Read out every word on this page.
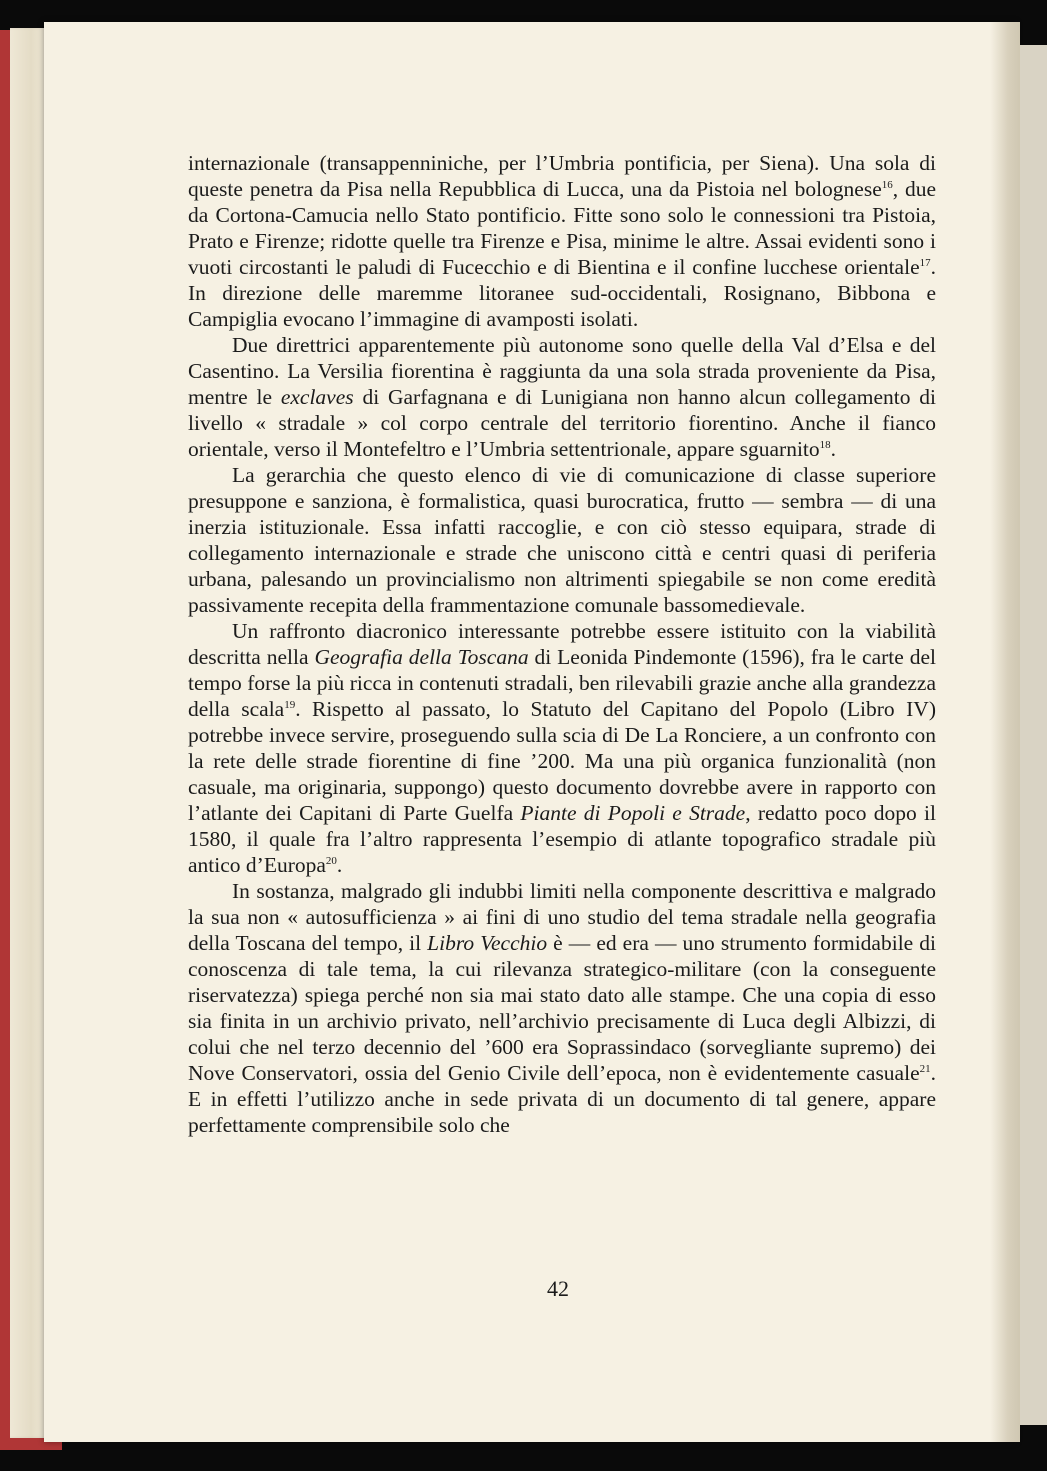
internazionale (transappenniniche, per l’Umbria pontificia, per Siena). Una sola di queste penetra da Pisa nella Repubblica di Lucca, una da Pistoia nel bolognese$^{16}$, due da Cortona-Camucia nello Stato pontificio. Fitte sono solo le connessioni tra Pistoia, Prato e Firenze; ridotte quelle tra Firenze e Pisa, minime le altre. Assai evidenti sono i vuoti circostanti le paludi di Fucecchio e di Bientina e il confine lucchese orientale$^{17}$. In direzione delle maremme litoranee sud-occidentali, Rosignano, Bibbona e Campiglia evocano l’immagine di avamposti isolati.

Due direttrici apparentemente più autonome sono quelle della Val d’Elsa e del Casentino. La Versilia fiorentina è raggiunta da una sola strada proveniente da Pisa, mentre le exclaves di Garfagnana e di Lunigiana non hanno alcun collegamento di livello « stradale » col corpo centrale del territorio fiorentino. Anche il fianco orientale, verso il Montefeltro e l’Umbria settentrionale, appare sguarnito$^{18}$.

La gerarchia che questo elenco di vie di comunicazione di classe superiore presuppone e sanziona, è formalistica, quasi burocratica, frutto — sembra — di una inerzia istituzionale. Essa infatti raccoglie, e con ciò stesso equipara, strade di collegamento internazionale e strade che uniscono città e centri quasi di periferia urbana, palesando un provincialismo non altrimenti spiegabile se non come eredità passivamente recepita della frammentazione comunale bassomedievale.

Un raffronto diacronico interessante potrebbe essere istituito con la viabilità descritta nella Geografia della Toscana di Leonida Pindemonte (1596), fra le carte del tempo forse la più ricca in contenuti stradali, ben rilevabili grazie anche alla grandezza della scala$^{19}$. Rispetto al passato, lo Statuto del Capitano del Popolo (Libro IV) potrebbe invece servire, proseguendo sulla scia di De La Ronciere, a un confronto con la rete delle strade fiorentine di fine ’200. Ma una più organica funzionalità (non casuale, ma originaria, suppongo) questo documento dovrebbe avere in rapporto con l’atlante dei Capitani di Parte Guelfa Piante di Popoli e Strade, redatto poco dopo il 1580, il quale fra l’altro rappresenta l’esempio di atlante topografico stradale più antico d’Europa$^{20}$.

In sostanza, malgrado gli indubbi limiti nella componente descrittiva e malgrado la sua non « autosufficienza » ai fini di uno studio del tema stradale nella geografia della Toscana del tempo, il Libro Vecchio è — ed era — uno strumento formidabile di conoscenza di tale tema, la cui rilevanza strategico-militare (con la conseguente riservatezza) spiega perché non sia mai stato dato alle stampe. Che una copia di esso sia finita in un archivio privato, nell’archivio precisamente di Luca degli Albizzi, di colui che nel terzo decennio del ’600 era Soprassindaco (sorvegliante supremo) dei Nove Conservatori, ossia del Genio Civile dell’epoca, non è evidentemente casuale$^{21}$. E in effetti l’utilizzo anche in sede privata di un documento di tal genere, appare perfettamente comprensibile solo che

42
